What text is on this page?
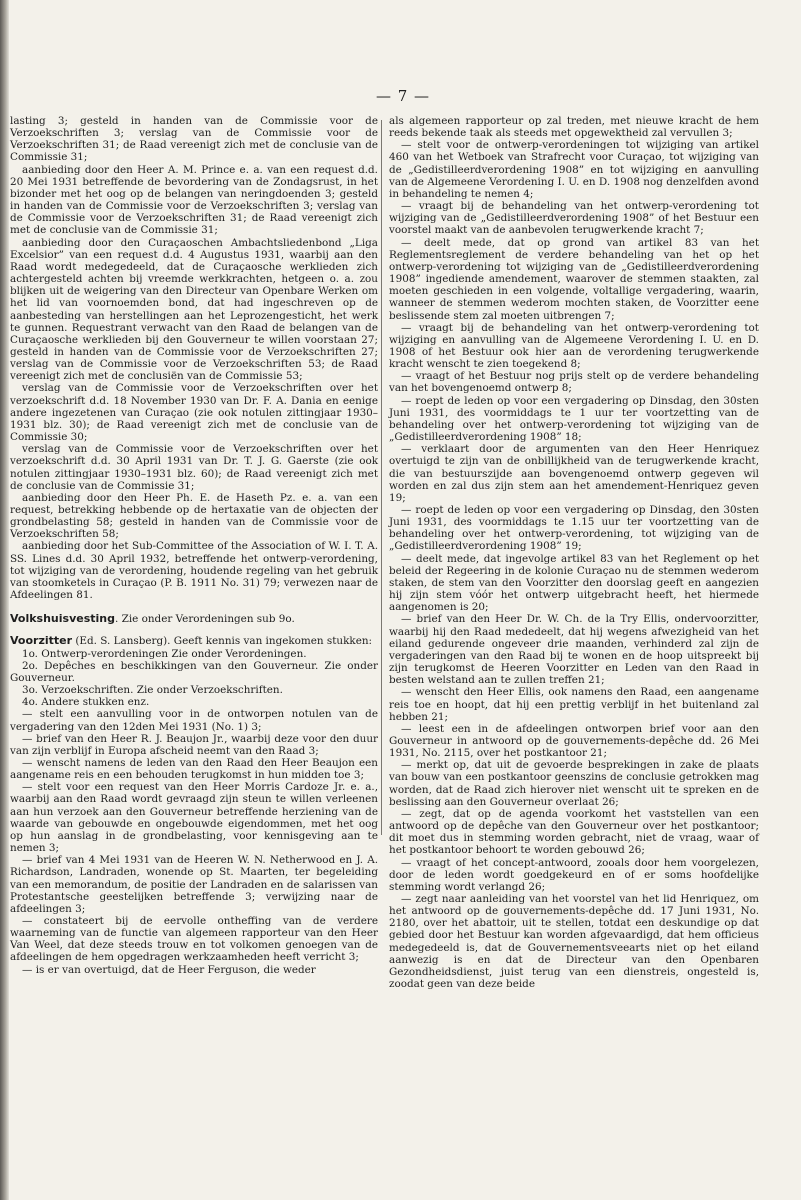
— 7 —

lasting 3; gesteld in handen van de Commissie voor de Verzoekschriften 3; verslag van de Commissie voor de Verzoekschriften 31; de Raad vereenigt zich met de conclusie van de Commissie 31;

aanbieding door den Heer A. M. Prince e. a. van een request d.d. 20 Mei 1931 betreffende de bevordering van de Zondagsrust, in het bizonder met het oog op de belangen van neringdoenden 3; gesteld in handen van de Commissie voor de Verzoekschriften 3; verslag van de Commissie voor de Verzoekschriften 31; de Raad vereenigt zich met de conclusie van de Commissie 31;

aanbieding door den Curaçaoschen Ambachtsliedenbond „Liga Excelsior” van een request d.d. 4 Augustus 1931, waarbij aan den Raad wordt medegedeeld, dat de Curaçaosche werklieden zich achtergesteld achten bij vreemde werkkrachten, hetgeen o. a. zou blijken uit de weigering van den Directeur van Openbare Werken om het lid van voornoemden bond, dat had ingeschreven op de aanbesteding van herstellingen aan het Leprozengesticht, het werk te gunnen. Requestrant verwacht van den Raad de belangen van de Curaçaosche werklieden bij den Gouverneur te willen voorstaan 27; gesteld in handen van de Commissie voor de Verzoekschriften 27; verslag van de Commissie voor de Verzoekschriften 53; de Raad vereenigt zich met de conclusiën van de Commissie 53;

verslag van de Commissie voor de Verzoekschriften over het verzoekschrift d.d. 18 November 1930 van Dr. F. A. Dania en eenige andere ingezetenen van Curaçao (zie ook notulen zittingjaar 1930–1931 blz. 30); de Raad vereenigt zich met de conclusie van de Commissie 30;

verslag van de Commissie voor de Verzoekschriften over het verzoekschrift d.d. 30 April 1931 van Dr. T. J. G. Gaerste (zie ook notulen zittingjaar 1930–1931 blz. 60); de Raad vereenigt zich met de conclusie van de Commissie 31;

aanbieding door den Heer Ph. E. de Haseth Pz. e. a. van een request, betrekking hebbende op de hertaxatie van de objecten der grondbelasting 58; gesteld in handen van de Commissie voor de Verzoekschriften 58;

aanbieding door het Sub-Committee of the Association of W. I. T. A. SS. Lines d.d. 30 April 1932, betreffende het ontwerp-verordening, tot wijziging van de verordening, houdende regeling van het gebruik van stoomketels in Curaçao (P. B. 1911 No. 31) 79; verwezen naar de Afdeelingen 81.

Volkshuisvesting. Zie onder Verordeningen sub 9o.

Voorzitter (Ed. S. Lansberg). Geeft kennis van ingekomen stukken:

1o. Ontwerp-verordeningen Zie onder Verordeningen.

2o. Depêches en beschikkingen van den Gouverneur. Zie onder Gouverneur.

3o. Verzoekschriften. Zie onder Verzoekschriften.

4o. Andere stukken enz.

— stelt een aanvulling voor in de ontworpen notulen van de vergadering van den 12den Mei 1931 (No. 1) 3;

— brief van den Heer R. J. Beaujon Jr., waarbij deze voor den duur van zijn verblijf in Europa afscheid neemt van den Raad 3;

— wenscht namens de leden van den Raad den Heer Beaujon een aangename reis en een behouden terugkomst in hun midden toe 3;

— stelt voor een request van den Heer Morris Cardoze Jr. e. a., waarbij aan den Raad wordt gevraagd zijn steun te willen verleenen aan hun verzoek aan den Gouverneur betreffende herziening van de waarde van gebouwde en ongebouwde eigendommen, met het oog op hun aanslag in de grondbelasting, voor kennisgeving aan te nemen 3;

— brief van 4 Mei 1931 van de Heeren W. N. Netherwood en J. A. Richardson, Landraden, wonende op St. Maarten, ter begeleiding van een memorandum, de positie der Landraden en de salarissen van Protestantsche geestelijken betreffende 3; verwijzing naar de afdeelingen 3;

— constateert bij de eervolle ontheffing van de verdere waarneming van de functie van algemeen rapporteur van den Heer Van Weel, dat deze steeds trouw en tot volkomen genoegen van de afdeelingen de hem opgedragen werkzaamheden heeft verricht 3;

— is er van overtuigd, dat de Heer Ferguson, die weder

als algemeen rapporteur op zal treden, met nieuwe kracht de hem reeds bekende taak als steeds met opgewektheid zal vervullen 3;

— stelt voor de ontwerp-verordeningen tot wijziging van artikel 460 van het Wetboek van Strafrecht voor Curaçao, tot wijziging van de „Gedistilleerdverordening 1908” en tot wijziging en aanvulling van de Algemeene Verordening I. U. en D. 1908 nog denzelfden avond in behandeling te nemen 4;

— vraagt bij de behandeling van het ontwerp-verordening tot wijziging van de „Gedistilleerdverordening 1908” of het Bestuur een voorstel maakt van de aanbevolen terugwerkende kracht 7;

— deelt mede, dat op grond van artikel 83 van het Reglementsreglement de verdere behandeling van het op het ontwerp-verordening tot wijziging van de „Gedistilleerdverordening 1908” ingediende amendement, waarover de stemmen staakten, zal moeten geschieden in een volgende, voltallige vergadering, waarin, wanneer de stemmen wederom mochten staken, de Voorzitter eene beslissende stem zal moeten uitbrengen 7;

— vraagt bij de behandeling van het ontwerp-verordening tot wijziging en aanvulling van de Algemeene Verordening I. U. en D. 1908 of het Bestuur ook hier aan de verordening terugwerkende kracht wenscht te zien toegekend 8;

— vraagt of het Bestuur nog prijs stelt op de verdere behandeling van het bovengenoemd ontwerp 8;

— roept de leden op voor een vergadering op Dinsdag, den 30sten Juni 1931, des voormiddags te 1 uur ter voortzetting van de behandeling over het ontwerp-verordening tot wijziging van de „Gedistilleerdverordening 1908” 18;

— verklaart door de argumenten van den Heer Henriquez overtuigd te zijn van de onbillijkheid van de terugwerkende kracht, die van bestuurszijde aan bovengenoemd ontwerp gegeven wil worden en zal dus zijn stem aan het amendement-Henriquez geven 19;

— roept de leden op voor een vergadering op Dinsdag, den 30sten Juni 1931, des voormiddags te 1.15 uur ter voortzetting van de behandeling over het ontwerp-verordening, tot wijziging van de „Gedistilleerdverordening 1908” 19;

— deelt mede, dat ingevolge artikel 83 van het Reglement op het beleid der Regeering in de kolonie Curaçao nu de stemmen wederom staken, de stem van den Voorzitter den doorslag geeft en aangezien hij zijn stem vóór het ontwerp uitgebracht heeft, het hiermede aangenomen is 20;

— brief van den Heer Dr. W. Ch. de la Try Ellis, ondervoorzitter, waarbij hij den Raad mededeelt, dat hij wegens afwezigheid van het eiland gedurende ongeveer drie maanden, verhinderd zal zijn de vergaderingen van den Raad bij te wonen en de hoop uitspreekt bij zijn terugkomst de Heeren Voorzitter en Leden van den Raad in besten welstand aan te zullen treffen 21;

— wenscht den Heer Ellis, ook namens den Raad, een aangename reis toe en hoopt, dat hij een prettig verblijf in het buitenland zal hebben 21;

— leest een in de afdeelingen ontworpen brief voor aan den Gouverneur in antwoord op de gouvernements-depêche dd. 26 Mei 1931, No. 2115, over het postkantoor 21;

— merkt op, dat uit de gevoerde besprekingen in zake de plaats van bouw van een postkantoor geenszins de conclusie getrokken mag worden, dat de Raad zich hierover niet wenscht uit te spreken en de beslissing aan den Gouverneur overlaat 26;

— zegt, dat op de agenda voorkomt het vaststellen van een antwoord op de depêche van den Gouverneur over het postkantoor; dit moet dus in stemming worden gebracht, niet de vraag, waar of het postkantoor behoort te worden gebouwd 26;

— vraagt of het concept-antwoord, zooals door hem voorgelezen, door de leden wordt goedgekeurd en of er soms hoofdelijke stemming wordt verlangd 26;

— zegt naar aanleiding van het voorstel van het lid Henriquez, om het antwoord op de gouvernements-depêche dd. 17 Juni 1931, No. 2180, over het abattoir, uit te stellen, totdat een deskundige op dat gebied door het Bestuur kan worden afgevaardigd, dat hem officieus medegedeeld is, dat de Gouvernementsveearts niet op het eiland aanwezig is en dat de Directeur van den Openbaren Gezondheidsdienst, juist terug van een dienstreis, ongesteld is, zoodat geen van deze beide
